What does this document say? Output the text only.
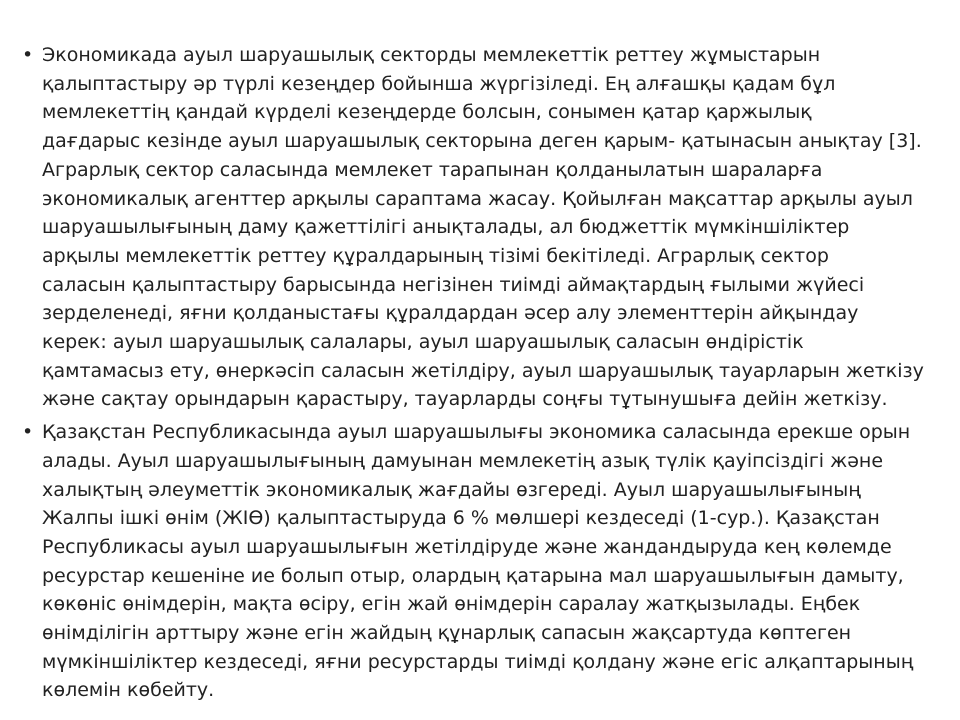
• Экономикада ауыл шаруашылық секторды мемлекеттік реттеу жұмыстарын
қалыптастыру әр түрлі кезеңдер бойынша жүргізіледі. Ең алғашқы қадам бұл
мемлекеттің қандай күрделі кезеңдерде болсын, сонымен қатар қаржылық
дағдарыс кезінде ауыл шаруашылық секторына деген қарым- қатынасын анықтау [3].
Аграрлық сектор саласында мемлекет тарапынан қолданылатын шараларға
экономикалық агенттер арқылы сараптама жасау. Қойылған мақсаттар арқылы ауыл
шаруашылығының даму қажеттілігі анықталады, ал бюджеттік мүмкіншіліктер
арқылы мемлекеттік реттеу құралдарының тізімі бекітіледі. Аграрлық сектор
саласын қалыптастыру барысында негізінен тиімді аймақтардың ғылыми жүйесі
зерделенеді, яғни қолданыстағы құралдардан әсер алу элементтерін айқындау
керек: ауыл шаруашылық салалары, ауыл шаруашылық саласын өндірістік
қамтамасыз ету, өнеркәсіп саласын жетілдіру, ауыл шаруашылық тауарларын жеткізу
және сақтау орындарын қарастыру, тауарларды соңғы тұтынушыға дейін жеткізу.
• Қазақстан Республикасында ауыл шаруашылығы экономика саласында ерекше орын
алады. Ауыл шаруашылығының дамуынан мемлекетің азық түлік қауіпсіздігі және
халықтың әлеуметтік экономикалық жағдайы өзгереді. Ауыл шаруашылығының
Жалпы ішкі өнім (ЖІӨ) қалыптастыруда 6 % мөлшері кездеседі (1-сур.). Қазақстан
Республикасы ауыл шаруашылығын жетілдіруде және жандандыруда кең көлемде
ресурстар кешеніне ие болып отыр, олардың қатарына мал шаруашылығын дамыту,
көкөніс өнімдерін, мақта өсіру, егін жай өнімдерін саралау жатқызылады. Еңбек
өнімділігін арттыру және егін жайдың құнарлық сапасын жақсартуда көптеген
мүмкіншіліктер кездеседі, яғни ресурстарды тиімді қолдану және егіс алқаптарының
көлемін көбейту.
